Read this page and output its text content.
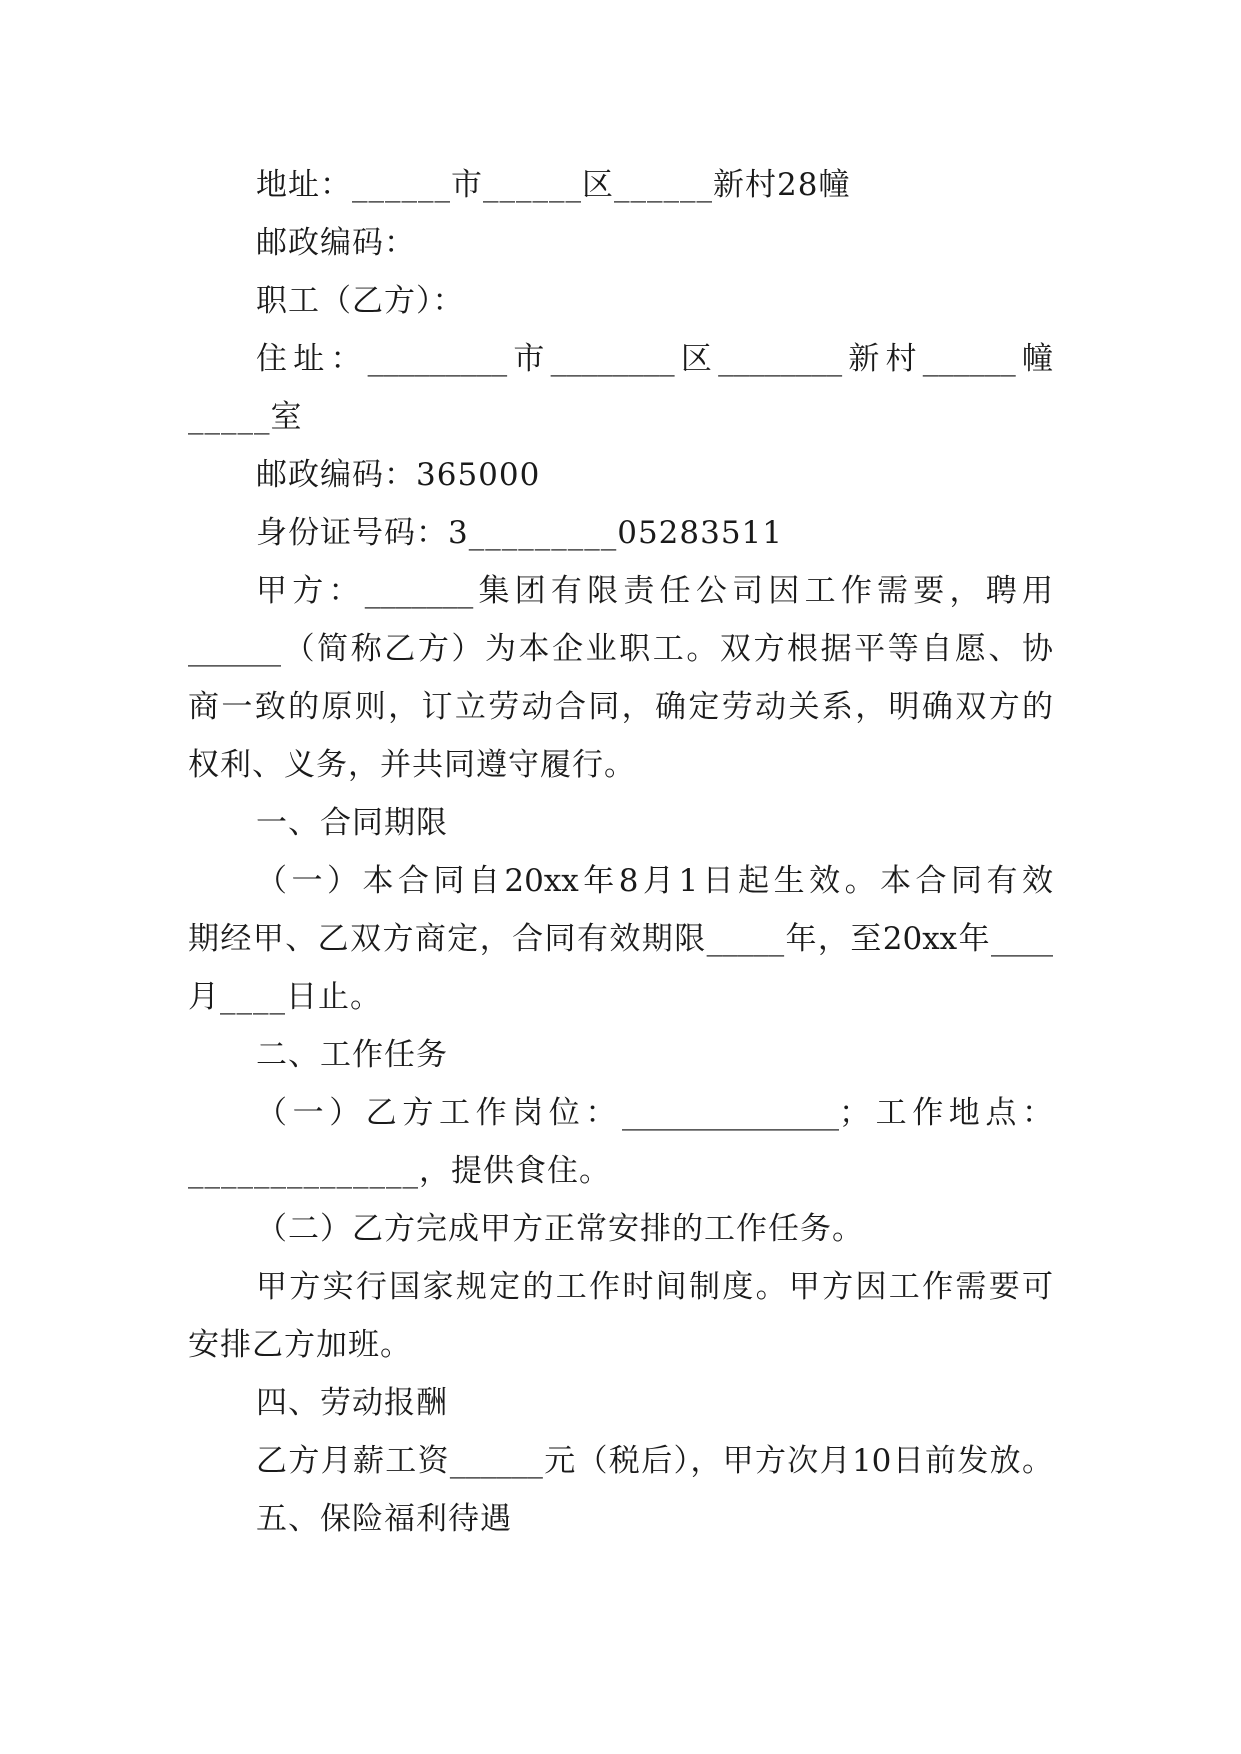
地址：______市______区______新村28幢
邮政编码：
职工（乙方）：
住址：_________市________区________新村______幢
_____室
邮政编码：365000
身份证号码：3_________05283511
甲方：_______集团有限责任公司因工作需要，聘用
______（简称乙方）为本企业职工。双方根据平等自愿、协
商一致的原则，订立劳动合同，确定劳动关系，明确双方的
权利、义务，并共同遵守履行。
一、合同期限
（一）本合同自20xx年8月1日起生效。本合同有效
期经甲、乙双方商定，合同有效期限_____年，至20xx年____
月____日止。
二、工作任务
（一）乙方工作岗位：______________；工作地点：
______________，提供食住。
（二）乙方完成甲方正常安排的工作任务。
甲方实行国家规定的工作时间制度。甲方因工作需要可
安排乙方加班。
四、劳动报酬
乙方月薪工资______元（税后），甲方次月10日前发放。
五、保险福利待遇
